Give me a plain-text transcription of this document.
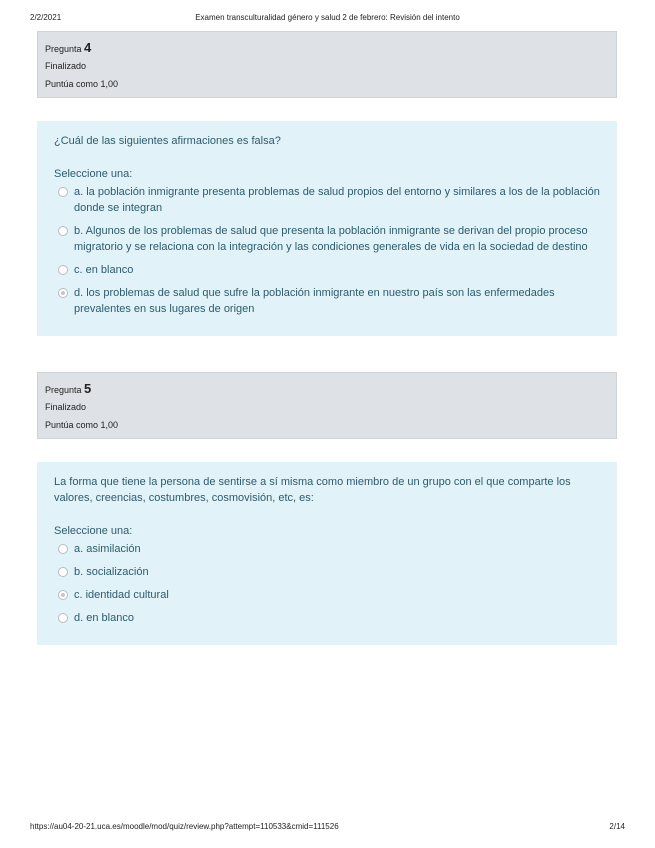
2/2/2021	Examen transculturalidad género y salud 2 de febrero: Revisión del intento
Pregunta 4
Finalizado
Puntúa como 1,00
¿Cuál de las siguientes afirmaciones es falsa?
Seleccione una:
a. la población inmigrante presenta problemas de salud propios del entorno y similares a los de la población donde se integran
b. Algunos de los problemas de salud que presenta la población inmigrante se derivan del propio proceso migratorio y se relaciona con la integración y las condiciones generales de vida en la sociedad de destino
c. en blanco
d. los problemas de salud que sufre la población inmigrante en nuestro país son las enfermedades prevalentes en sus lugares de origen
Pregunta 5
Finalizado
Puntúa como 1,00
La forma que tiene la persona de sentirse a sí misma como miembro de un grupo con el que comparte los valores, creencias, costumbres, cosmovisión, etc, es:
Seleccione una:
a. asimilación
b. socialización
c. identidad cultural
d. en blanco
https://au04-20-21.uca.es/moodle/mod/quiz/review.php?attempt=110533&cmid=111526	2/14
